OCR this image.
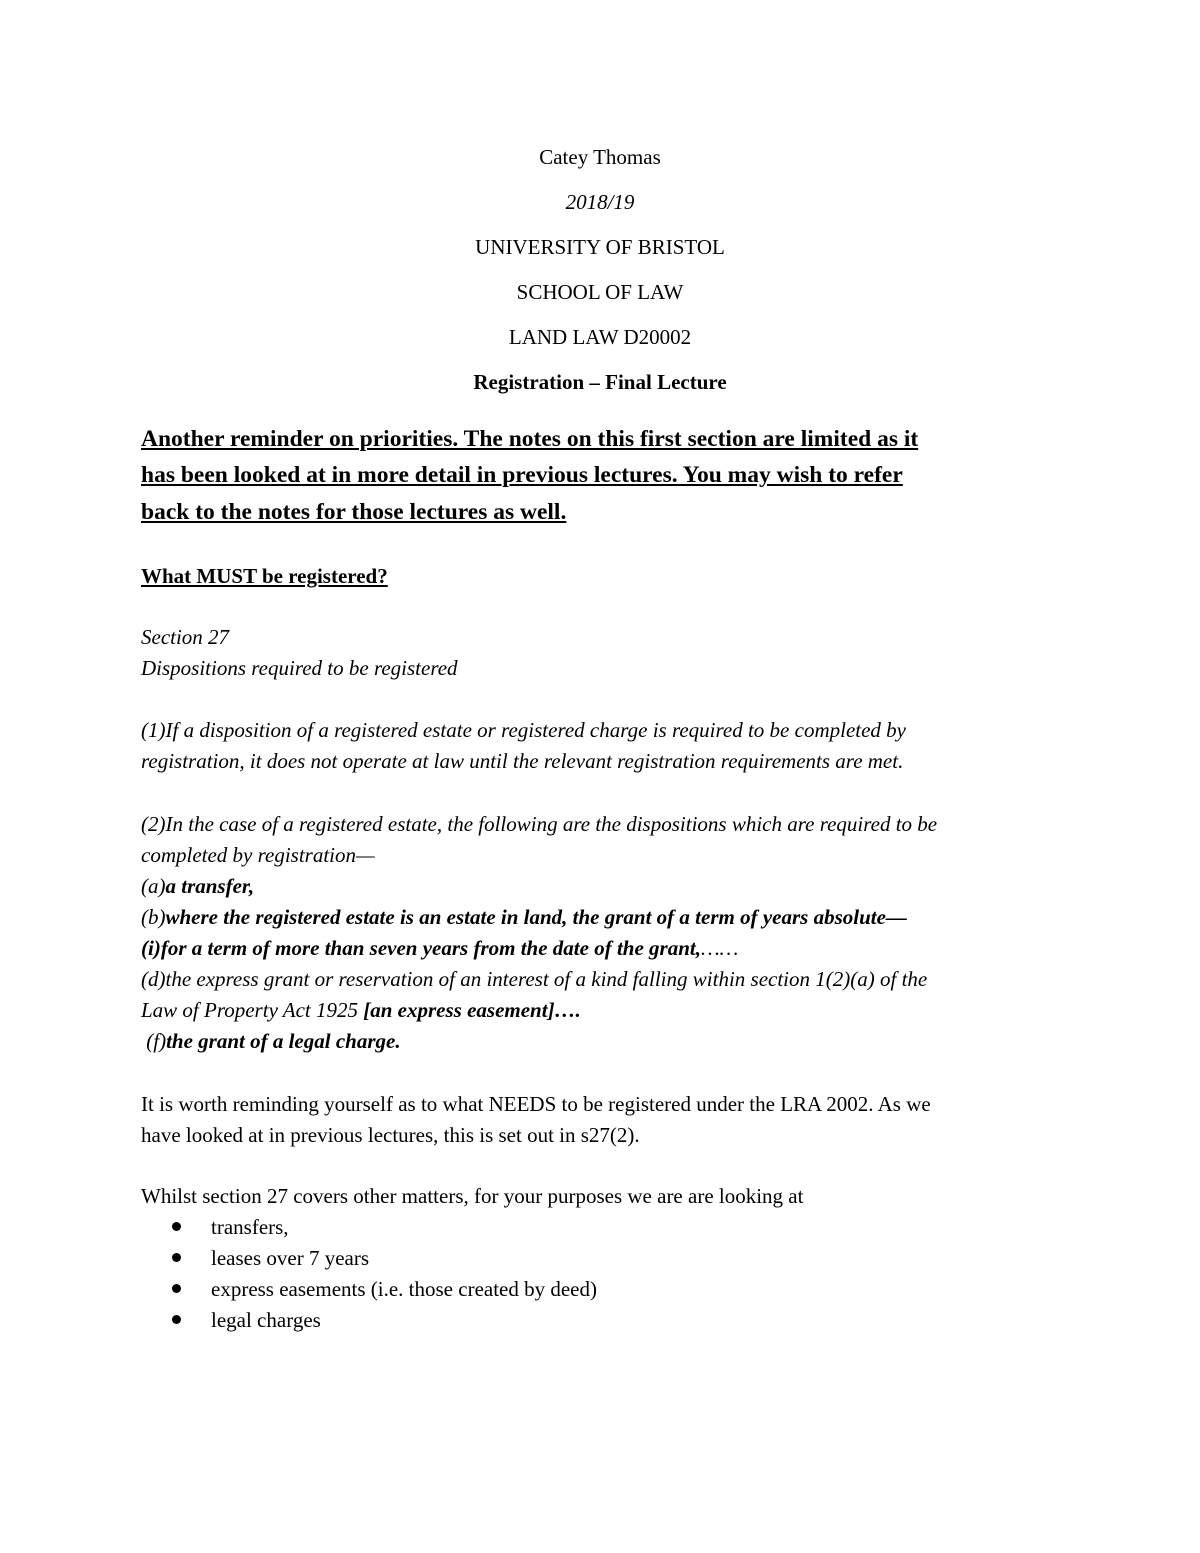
Catey Thomas
2018/19
UNIVERSITY OF BRISTOL
SCHOOL OF LAW
LAND LAW D20002
Registration – Final Lecture
Another reminder on priorities. The notes on this first section are limited as it
has been looked at in more detail in previous lectures. You may wish to refer
back to the notes for those lectures as well.
What MUST be registered?
Section 27
Dispositions required to be registered
(1)If a disposition of a registered estate or registered charge is required to be completed by
registration, it does not operate at law until the relevant registration requirements are met.
(2)In the case of a registered estate, the following are the dispositions which are required to be
completed by registration—
(a)a transfer,
(b)where the registered estate is an estate in land, the grant of a term of years absolute—
(i)for a term of more than seven years from the date of the grant,……
(d)the express grant or reservation of an interest of a kind falling within section 1(2)(a) of the
Law of Property Act 1925 [an express easement]….
(f)the grant of a legal charge.
It is worth reminding yourself as to what NEEDS to be registered under the LRA 2002. As we
have looked at in previous lectures, this is set out in s27(2).
Whilst section 27 covers other matters, for your purposes we are are looking at
transfers,
leases over 7 years
express easements (i.e. those created by deed)
legal charges
